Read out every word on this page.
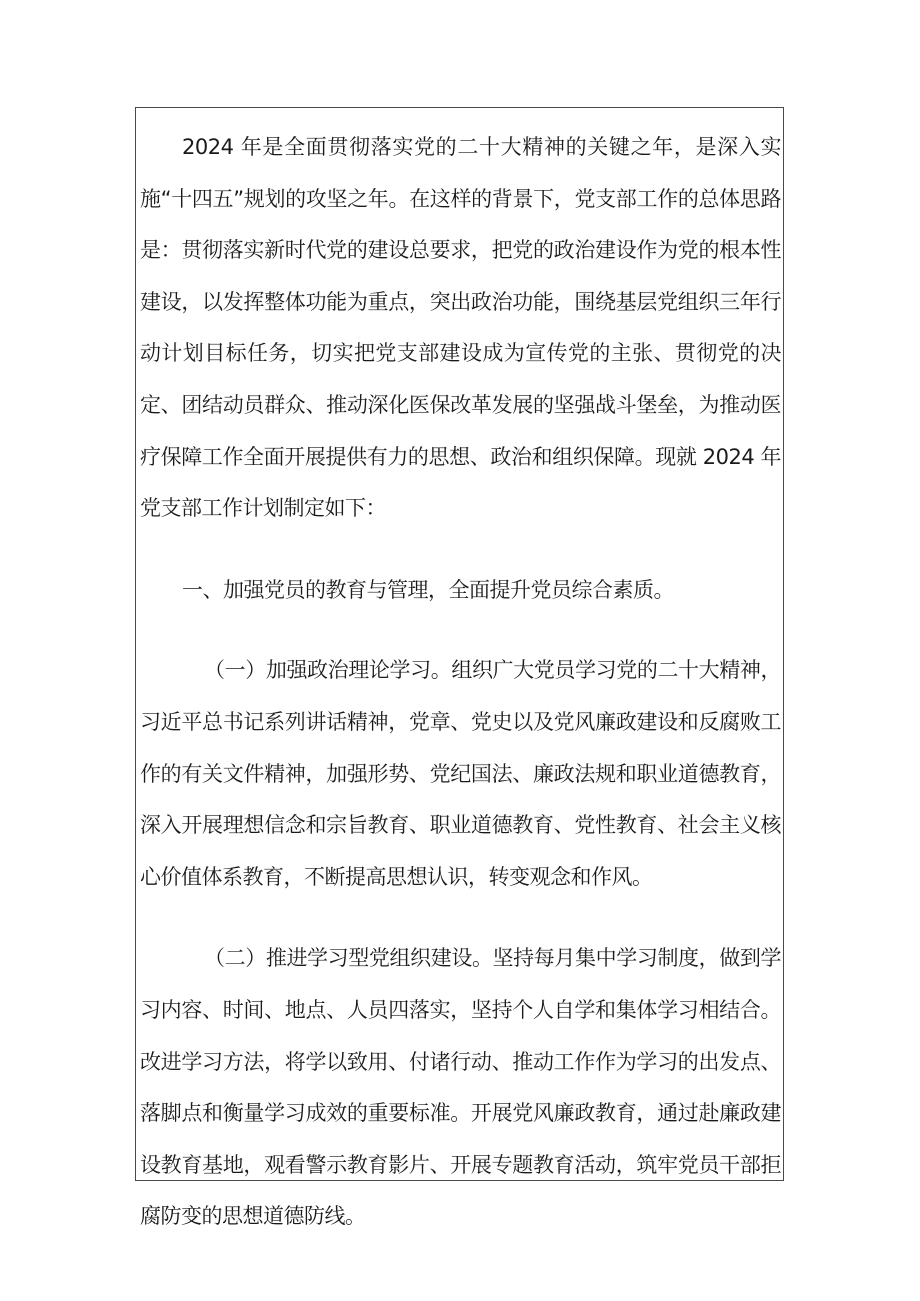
2024 年是全面贯彻落实党的二十大精神的关键之年，是深入实施“十四五”规划的攻坚之年。在这样的背景下，党支部工作的总体思路是：贯彻落实新时代党的建设总要求，把党的政治建设作为党的根本性建设，以发挥整体功能为重点，突出政治功能，围绕基层党组织三年行动计划目标任务，切实把党支部建设成为宣传党的主张、贯彻党的决定、团结动员群众、推动深化医保改革发展的坚强战斗堡垒，为推动医疗保障工作全面开展提供有力的思想、政治和组织保障。现就 2024 年党支部工作计划制定如下：

一、加强党员的教育与管理，全面提升党员综合素质。

（一）加强政治理论学习。组织广大党员学习党的二十大精神，习近平总书记系列讲话精神，党章、党史以及党风廉政建设和反腐败工作的有关文件精神，加强形势、党纪国法、廉政法规和职业道德教育，深入开展理想信念和宗旨教育、职业道德教育、党性教育、社会主义核心价值体系教育，不断提高思想认识，转变观念和作风。

（二）推进学习型党组织建设。坚持每月集中学习制度，做到学习内容、时间、地点、人员四落实，坚持个人自学和集体学习相结合。改进学习方法，将学以致用、付诸行动、推动工作作为学习的出发点、落脚点和衡量学习成效的重要标准。开展党风廉政教育，通过赴廉政建设教育基地，观看警示教育影片、开展专题教育活动，筑牢党员干部拒腐防变的思想道德防线。
